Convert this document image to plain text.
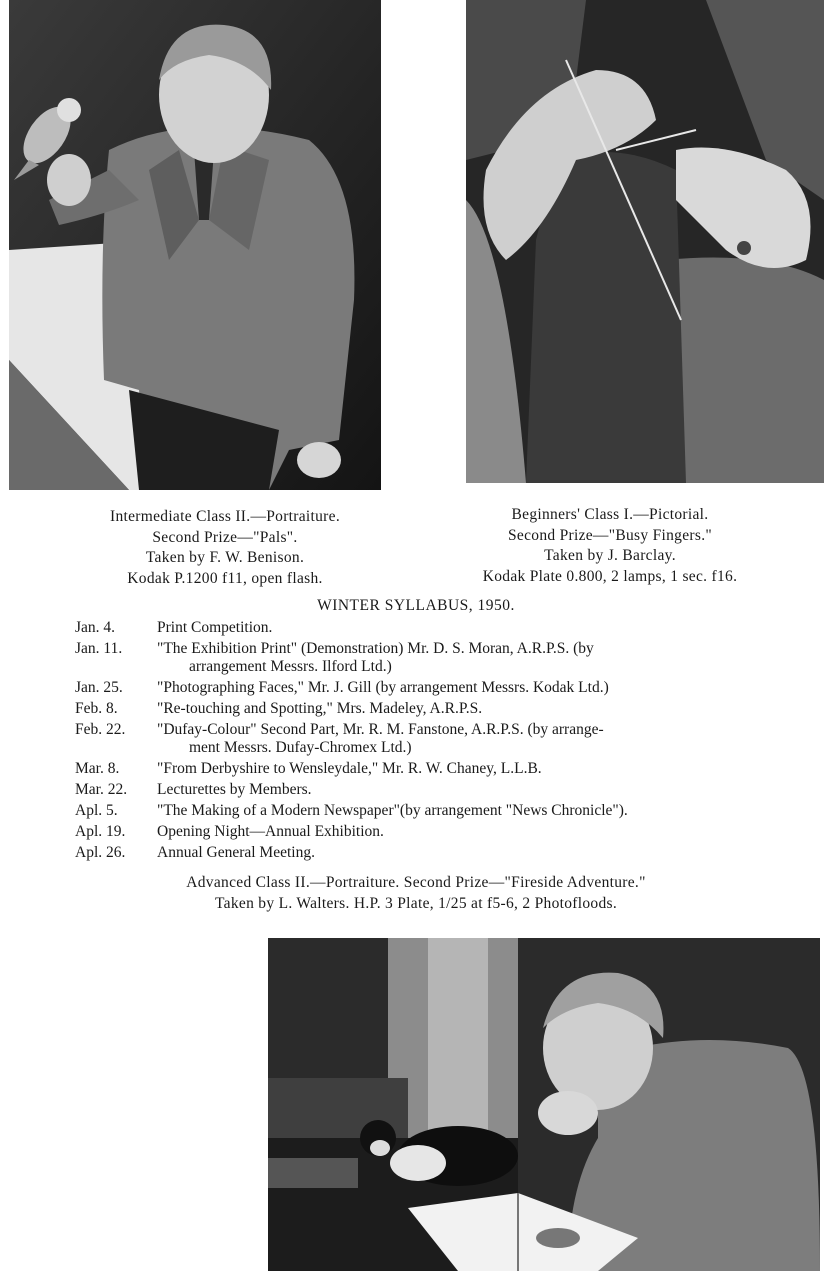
Intermediate Class II.—Portraiture.
Second Prize—"Pals".
Taken by F. W. Benison.
Kodak P.1200 f11, open flash.
Beginners' Class I.—Pictorial.
Second Prize—"Busy Fingers."
Taken by J. Barclay.
Kodak Plate 0.800, 2 lamps, 1 sec. f16.
WINTER SYLLABUS, 1950.
Jan. 4.	Print Competition.
Jan. 11.	"The Exhibition Print" (Demonstration) Mr. D. S. Moran, A.R.P.S. (by
arrangement Messrs. Ilford Ltd.)
Jan. 25.	"Photographing Faces," Mr. J. Gill (by arrangement Messrs. Kodak Ltd.)
Feb. 8.	"Re-touching and Spotting," Mrs. Madeley, A.R.P.S.
Feb. 22.	"Dufay-Colour" Second Part, Mr. R. M. Fanstone, A.R.P.S. (by arrange-
ment Messrs. Dufay-Chromex Ltd.)
Mar. 8.	"From Derbyshire to Wensleydale," Mr. R. W. Chaney, L.L.B.
Mar. 22.	Lecturettes by Members.
Apl. 5.	"The Making of a Modern Newspaper"(by arrangement "News Chronicle").
Apl. 19.	Opening Night—Annual Exhibition.
Apl. 26.	Annual General Meeting.
Advanced Class II.—Portraiture. Second Prize—"Fireside Adventure."
Taken by L. Walters. H.P. 3 Plate, 1/25 at f5-6, 2 Photofloods.
